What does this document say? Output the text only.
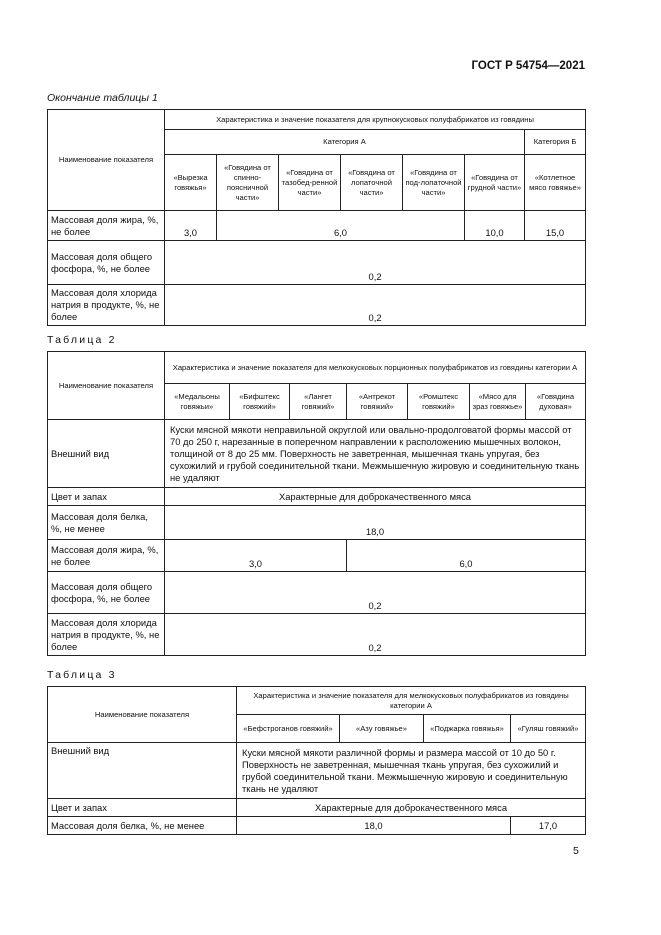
ГОСТ Р 54754—2021
Окончание таблицы 1
Наименование показателя	Характеристика и значение показателя для крупнокусковых полуфабрикатов из говядины						
	Категория А						Категория Б
	«Вырезка говяжья»	«Говядина от спинно-поясничной части»	«Говядина от тазобед-ренной части»	«Говядина от лопаточной части»	«Говядина от под-лопаточной части»	«Говядина от грудной части»	«Котлетное мясо говяжье»
Массовая доля жира, %, не более	3,0	6,0				10,0	15,0
Массовая доля общего фосфора, %, не более	0,2						
Массовая доля хлорида натрия в продукте, %, не более	0,2						
Таблица 2
Наименование показателя	Характеристика и значение показателя для мелкокусковых порционных полуфабрикатов из говядины категории А						
	«Медальоны говяжьи»	«Бифштекс говяжий»	«Лангет говяжий»	«Антрекот говяжий»	«Ромштекс говяжий»	«Мясо для зраз говяжье»	«Говядина духовая»
Внешний вид	Куски мясной мякоти неправильной округлой или овально-продолговатой формы массой от 70 до 250 г, нарезанные в поперечном направлении к расположению мышечных волокон, толщиной от 8 до 25 мм. Поверхность не заветренная, мышечная ткань упругая, без сухожилий и грубой соединительной ткани. Межмышечную жировую и соединительную ткань не удаляют						
Цвет и запах	Характерные для доброкачественного мяса						
Массовая доля белка, %, не менее	18,0						
Массовая доля жира, %, не более	3,0			6,0			
Массовая доля общего фосфора, %, не более	0,2						
Массовая доля хлорида натрия в продукте, %, не более	0,2						
Таблица 3
Наименование показателя	Характеристика и значение показателя для мелкокусковых полуфабрикатов из говядины категории А			
	«Бефстроганов говяжий»	«Азу говяжье»	«Поджарка говяжья»	«Гуляш говяжий»
Внешний вид	Куски мясной мякоти различной формы и размера массой от 10 до 50 г. Поверхность не заветренная, мышечная ткань упругая, без сухожилий и грубой соединительной ткани. Межмышечную жировую и соединительную ткань не удаляют			
Цвет и запах	Характерные для доброкачественного мяса			
Массовая доля белка, %, не менее	18,0			17,0
5
